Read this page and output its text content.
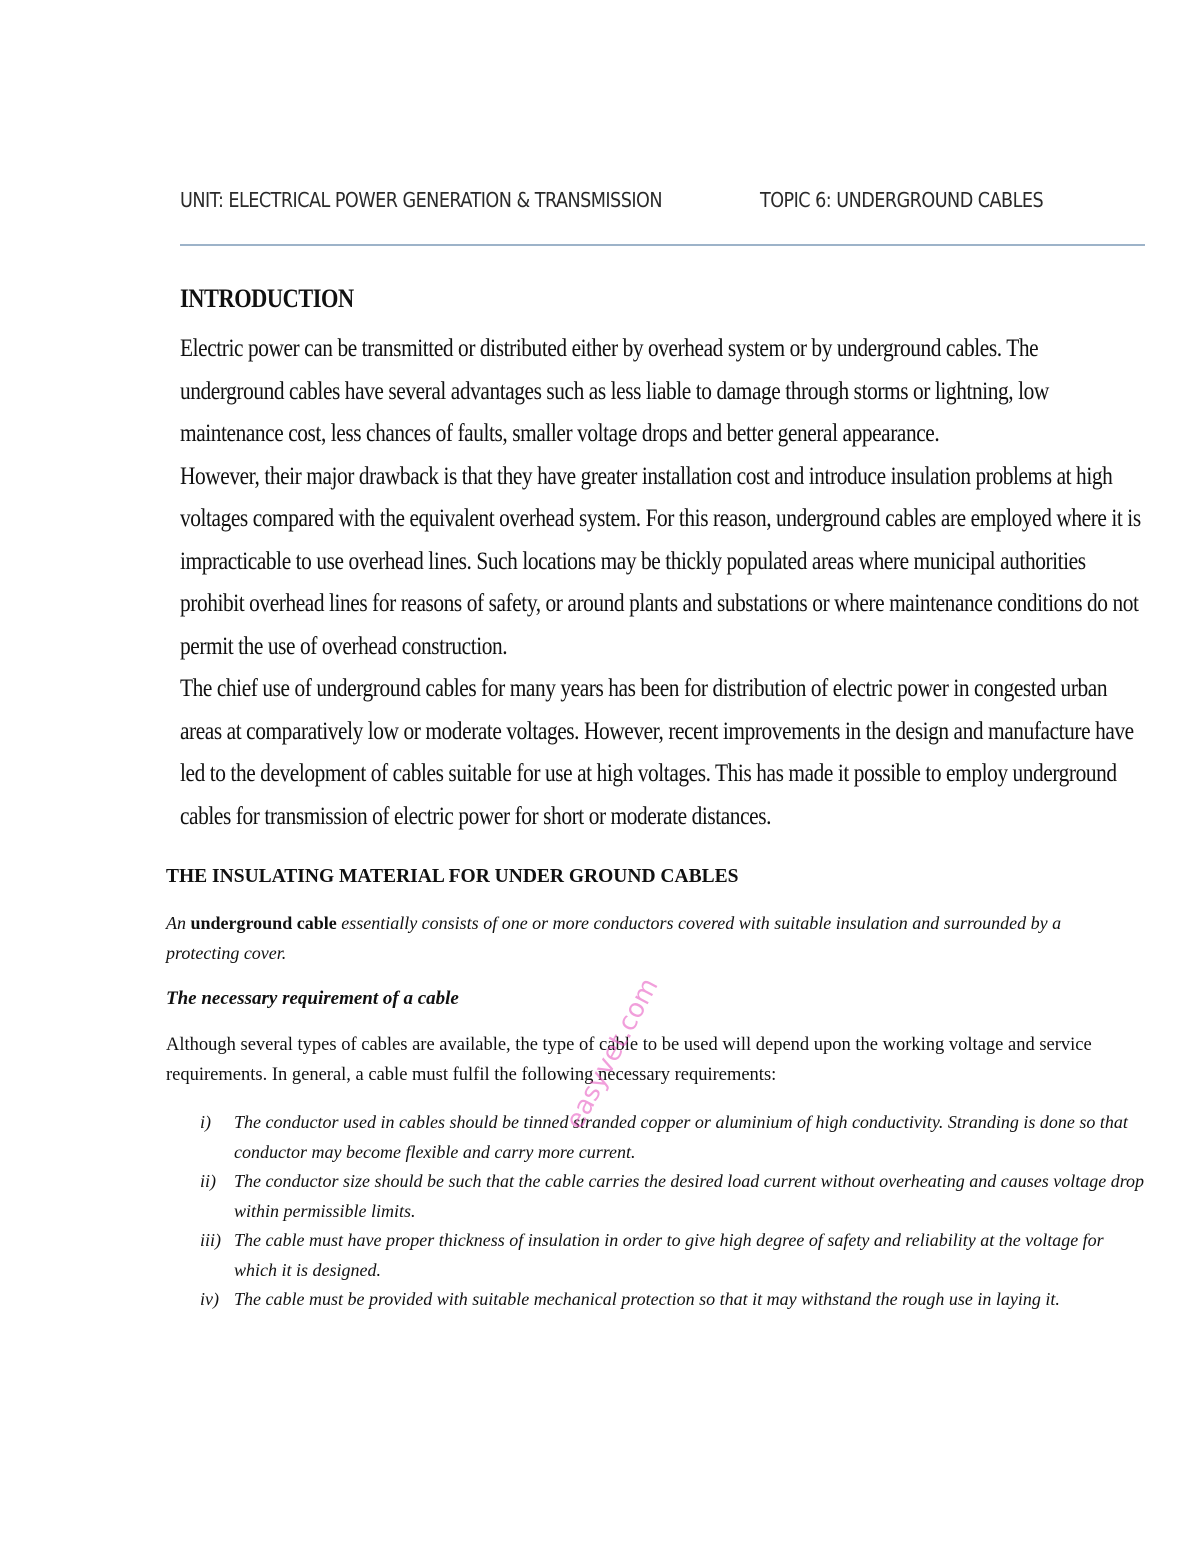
UNIT: ELECTRICAL POWER GENERATION & TRANSMISSION	TOPIC 6: UNDERGROUND CABLES
INTRODUCTION

Electric power can be transmitted or distributed either by overhead system or by underground cables. The underground cables have several advantages such as less liable to damage through storms or lightning, low maintenance cost, less chances of faults, smaller voltage drops and better general appearance.

However, their major drawback is that they have greater installation cost and introduce insulation problems at high voltages compared with the equivalent overhead system. For this reason, underground cables are employed where it is impracticable to use overhead lines. Such locations may be thickly populated areas where municipal authorities prohibit overhead lines for reasons of safety, or around plants and substations or where maintenance conditions do not permit the use of overhead construction.

The chief use of underground cables for many years has been for distribution of electric power in congested urban areas at comparatively low or moderate voltages. However, recent improvements in the design and manufacture have led to the development of cables suitable for use at high voltages. This has made it possible to employ underground cables for transmission of electric power for short or moderate distances.

THE INSULATING MATERIAL FOR UNDER GROUND CABLES

An underground cable essentially consists of one or more conductors covered with suitable insulation and surrounded by a protecting cover.

The necessary requirement of a cable

Although several types of cables are available, the type of cable to be used will depend upon the working voltage and service requirements. In general, a cable must fulfil the following necessary requirements:

i) The conductor used in cables should be tinned stranded copper or aluminium of high conductivity. Stranding is done so that conductor may become flexible and carry more current.
ii) The conductor size should be such that the cable carries the desired load current without overheating and causes voltage drop within permissible limits.
iii) The cable must have proper thickness of insulation in order to give high degree of safety and reliability at the voltage for which it is designed.
iv) The cable must be provided with suitable mechanical protection so that it may withstand the rough use in laying it.
easyvet.com
